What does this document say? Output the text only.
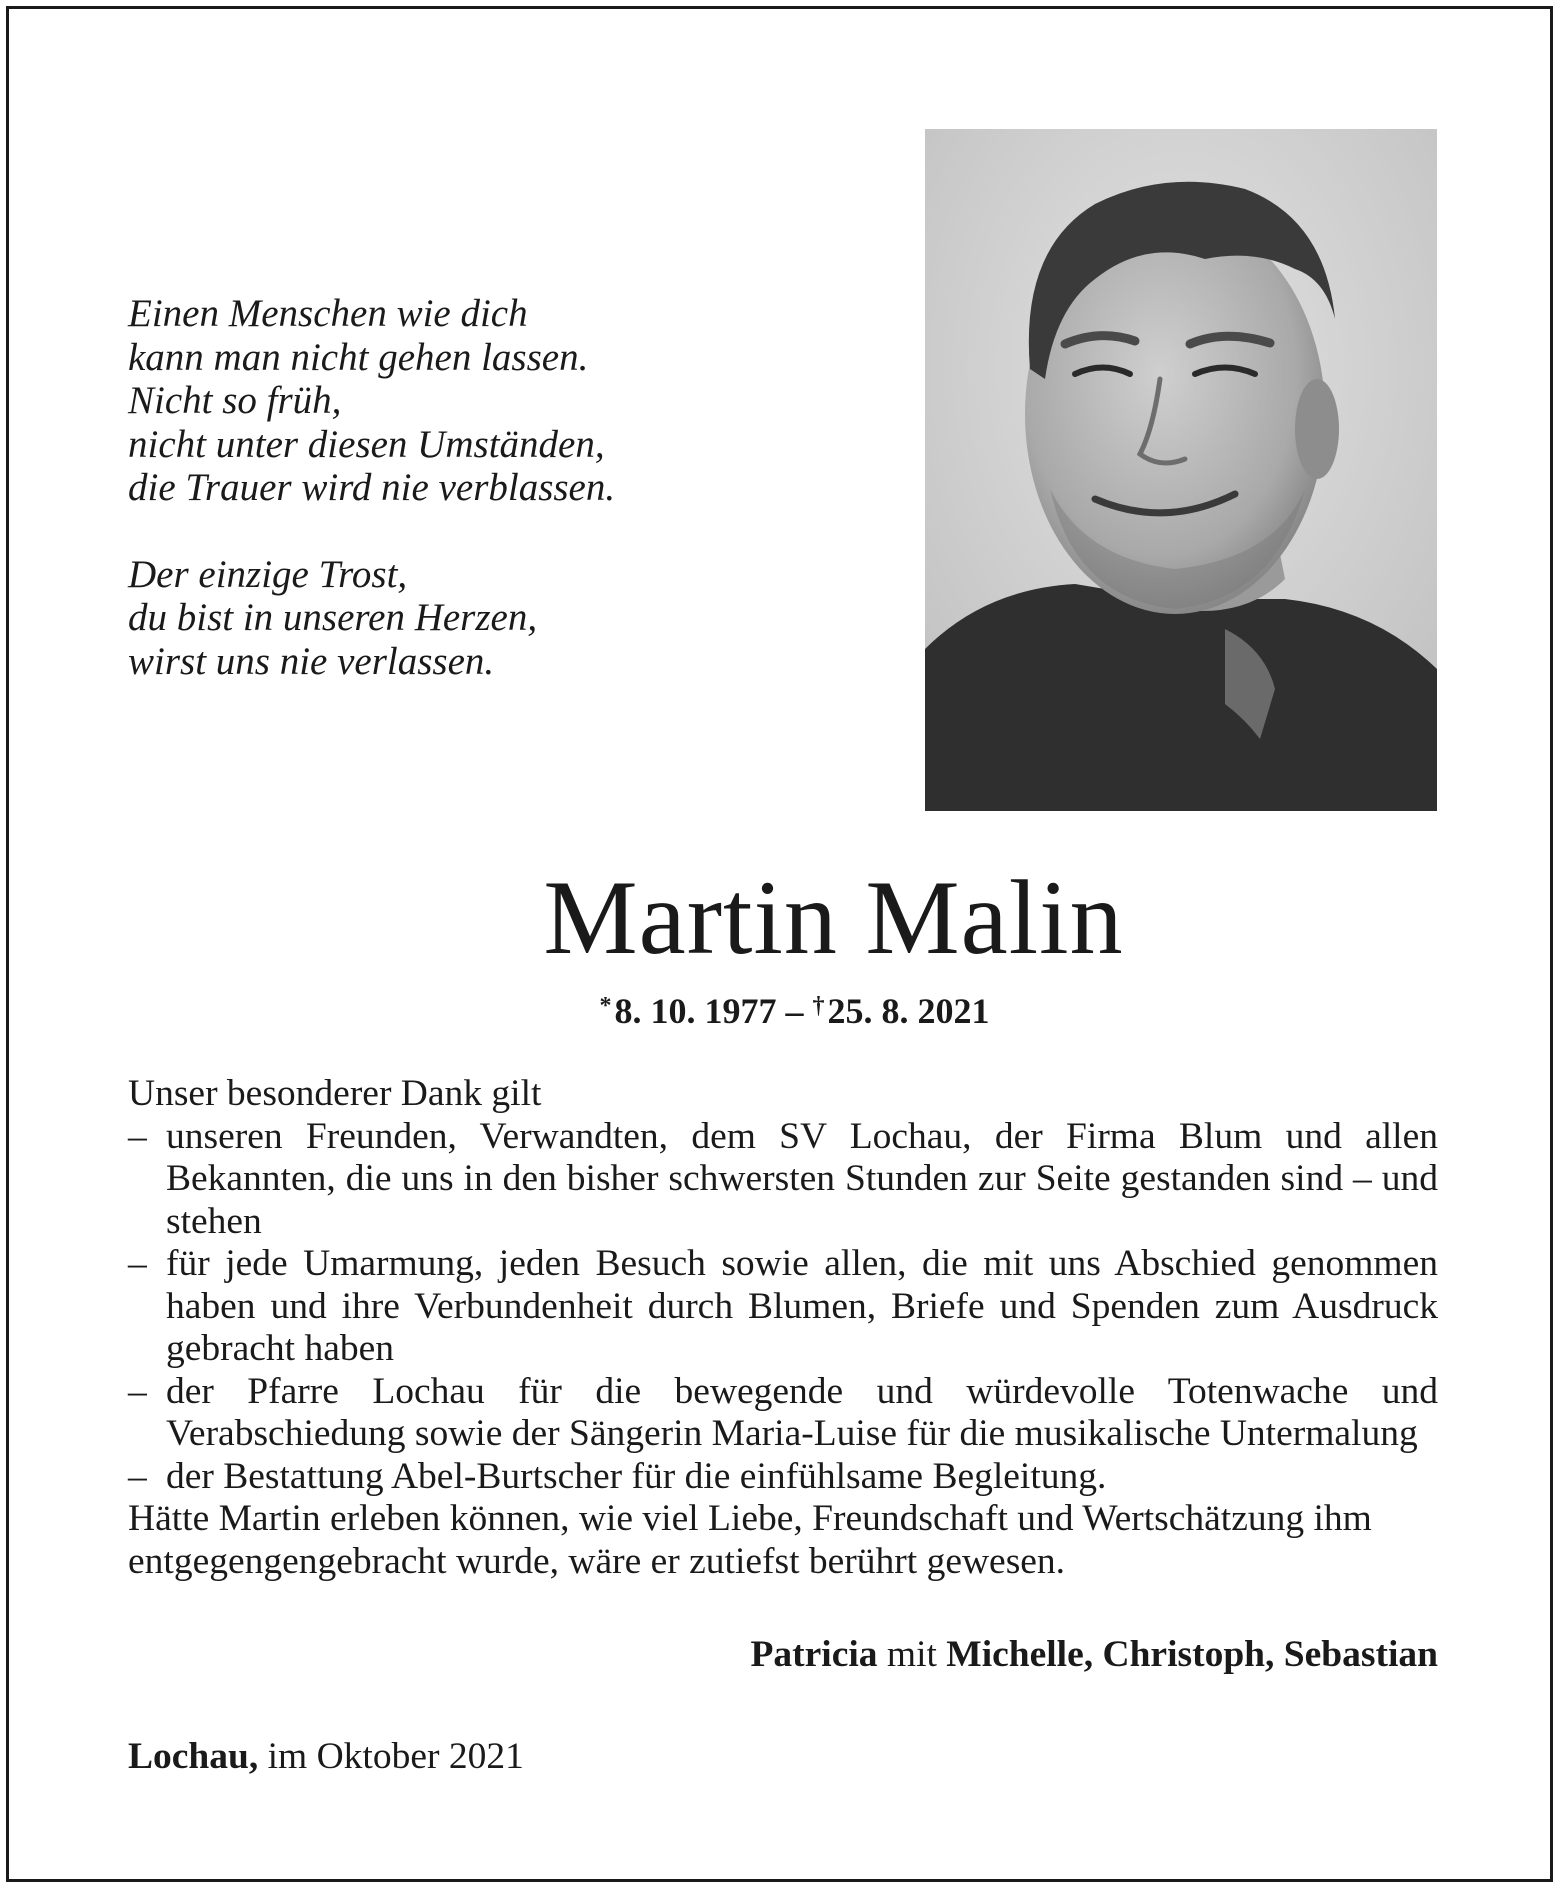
Einen Menschen wie dich
kann man nicht gehen lassen.
Nicht so früh,
nicht unter diesen Umständen,
die Trauer wird nie verblassen.

Der einzige Trost,
du bist in unseren Herzen,
wirst uns nie verlassen.

Martin Malin
*8. 10. 1977 – †25. 8. 2021

Unser besonderer Dank gilt

– unseren Freunden, Verwandten, dem SV Lochau, der Firma Blum und allen Bekannten, die uns in den bisher schwersten Stunden zur Seite gestanden sind – und stehen
– für jede Umarmung, jeden Besuch sowie allen, die mit uns Abschied genommen haben und ihre Verbundenheit durch Blumen, Briefe und Spenden zum Ausdruck gebracht haben
– der Pfarre Lochau für die bewegende und würdevolle Totenwache und Verabschiedung sowie der Sängerin Maria-Luise für die musikalische Untermalung
– der Bestattung Abel-Burtscher für die einfühlsame Begleitung.

Hätte Martin erleben können, wie viel Liebe, Freundschaft und Wertschätzung ihm entgegengengebracht wurde, wäre er zutiefst berührt gewesen.

Patricia mit Michelle, Christoph, Sebastian
Lochau, im Oktober 2021
